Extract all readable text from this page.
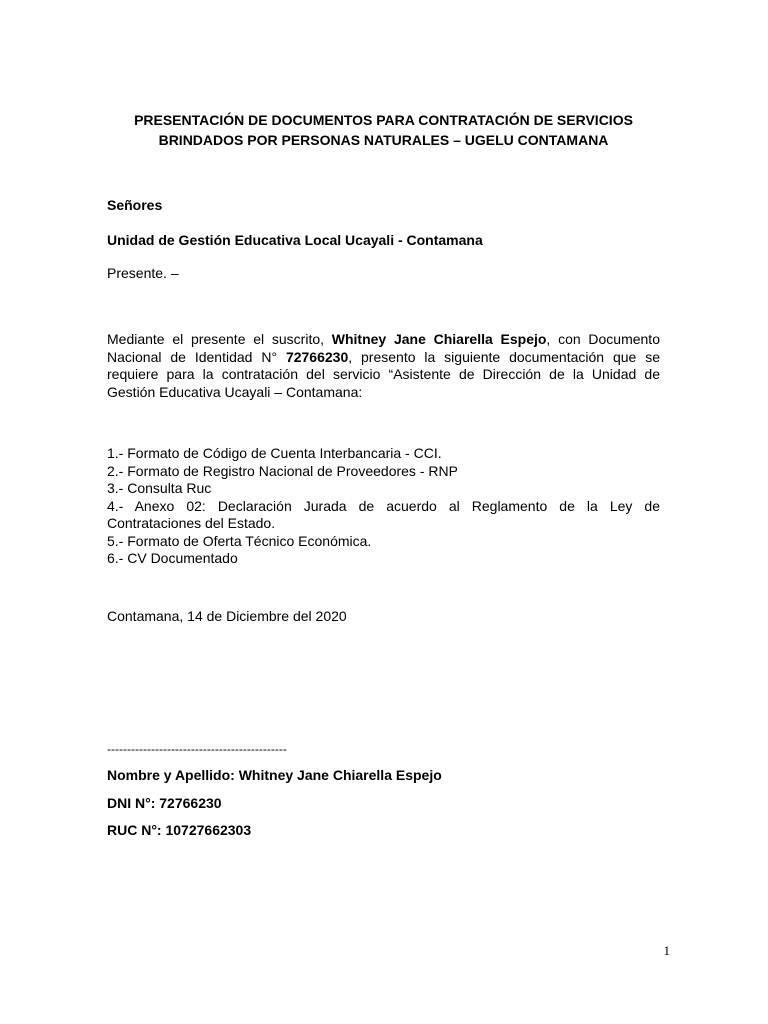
PRESENTACIÓN DE DOCUMENTOS PARA CONTRATACIÓN DE SERVICIOS
BRINDADOS POR PERSONAS NATURALES – UGELU CONTAMANA

Señores

Unidad de Gestión Educativa Local Ucayali - Contamana

Presente. –

Mediante el presente el suscrito, Whitney Jane Chiarella Espejo, con Documento Nacional de Identidad N° 72766230, presento la siguiente documentación que se requiere para la contratación del servicio “Asistente de Dirección de la Unidad de Gestión Educativa Ucayali – Contamana:

1.- Formato de Código de Cuenta Interbancaria - CCI.
2.- Formato de Registro Nacional de Proveedores - RNP
3.- Consulta Ruc
4.- Anexo 02: Declaración Jurada de acuerdo al Reglamento de la Ley de Contrataciones del Estado.
5.- Formato de Oferta Técnico Económica.
6.- CV Documentado

Contamana, 14 de Diciembre del 2020

---------------------------------------------

Nombre y Apellido: Whitney Jane Chiarella Espejo

DNI N°: 72766230

RUC N°: 10727662303

1
